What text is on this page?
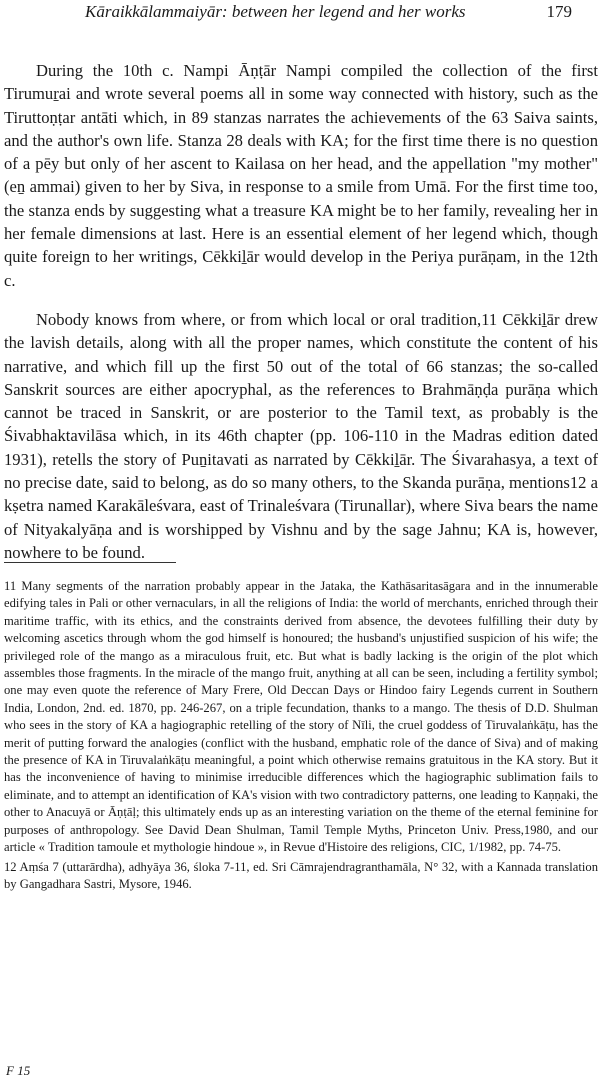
Kāraikkālammaiyār: between her legend and her works	179

During the 10th c. Nampi Āṇṭār Nampi compiled the collection of the first Tirumuṟai and wrote several poems all in some way connected with history, such as the Tiruttoṇṭar antāti which, in 89 stanzas narrates the achievements of the 63 Saiva saints, and the author's own life. Stanza 28 deals with KA; for the first time there is no question of a pēy but only of her ascent to Kailasa on her head, and the appellation "my mother"(eṉ ammai) given to her by Siva, in response to a smile from Umā. For the first time too, the stanza ends by suggesting what a treasure KA might be to her family, revealing her in her female dimensions at last. Here is an essential element of her legend which, though quite foreign to her writings, Cēkkiḻār would develop in the Periya purāṇam, in the 12th c.

Nobody knows from where, or from which local or oral tradition,11 Cēkkiḻār drew the lavish details, along with all the proper names, which constitute the content of his narrative, and which fill up the first 50 out of the total of 66 stanzas; the so-called Sanskrit sources are either apocryphal, as the references to Brahmāṇḍa purāṇa which cannot be traced in Sanskrit, or are posterior to the Tamil text, as probably is the Śivabhaktavilāsa which, in its 46th chapter (pp. 106-110 in the Madras edition dated 1931), retells the story of Puṉitavati as narrated by Cēkkiḻār. The Śivarahasya, a text of no precise date, said to belong, as do so many others, to the Skanda purāṇa, mentions12 a kṣetra named Karakāleśvara, east of Trinaleśvara (Tirunallar), where Siva bears the name of Nityakalyāṇa and is worshipped by Vishnu and by the sage Jahnu; KA is, however, nowhere to be found.

11 Many segments of the narration probably appear in the Jataka, the Kathāsaritasāgara and in the innumerable edifying tales in Pali or other vernaculars, in all the religions of India: the world of merchants, enriched through their maritime traffic, with its ethics, and the constraints derived from absence, the devotees fulfilling their duty by welcoming ascetics through whom the god himself is honoured; the husband's unjustified suspicion of his wife; the privileged role of the mango as a miraculous fruit, etc. But what is badly lacking is the origin of the plot which assembles those fragments. In the miracle of the mango fruit, anything at all can be seen, including a fertility symbol; one may even quote the reference of Mary Frere, Old Deccan Days or Hindoo fairy Legends current in Southern India, London, 2nd. ed. 1870, pp. 246-267, on a triple fecundation, thanks to a mango. The thesis of D.D. Shulman who sees in the story of KA a hagiographic retelling of the story of Nīli, the cruel goddess of Tiruvalaṅkāṭu, has the merit of putting forward the analogies (conflict with the husband, emphatic role of the dance of Siva) and of making the presence of KA in Tiruvalaṅkāṭu meaningful, a point which otherwise remains gratuitous in the KA story. But it has the inconvenience of having to minimise irreducible differences which the hagiographic sublimation fails to eliminate, and to attempt an identification of KA's vision with two contradictory patterns, one leading to Kaṇṇaki, the other to Anacuyā or Āṇṭāḷ; this ultimately ends up as an interesting variation on the theme of the eternal feminine for purposes of anthropology. See David Dean Shulman, Tamil Temple Myths, Princeton Univ. Press,1980, and our article « Tradition tamoule et mythologie hindoue », in Revue d'Histoire des religions, CIC, 1/1982, pp. 74-75.

12 Aṃśa 7 (uttarārdha), adhyāya 36, śloka 7-11, ed. Sri Cāmrajendragranthamāla, N° 32, with a Kannada translation by Gangadhara Sastri, Mysore, 1946.

F 15
